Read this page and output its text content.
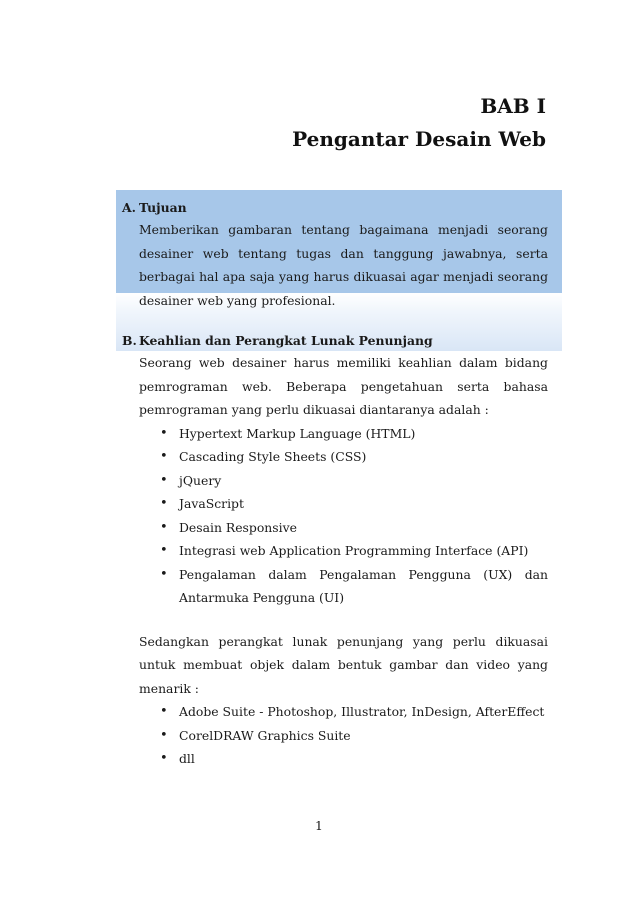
BAB I
Pengantar Desain Web
A. Tujuan
Memberikan gambaran tentang bagaimana menjadi seorang desainer web tentang tugas dan tanggung jawabnya, serta berbagai hal apa saja yang harus dikuasai agar menjadi seorang desainer web yang profesional.
B. Keahlian dan Perangkat Lunak Penunjang
Seorang web desainer harus memiliki keahlian dalam bidang pemrograman web. Beberapa pengetahuan serta bahasa pemrograman yang perlu dikuasai diantaranya adalah :
• Hypertext Markup Language (HTML)
• Cascading Style Sheets (CSS)
• jQuery
• JavaScript
• Desain Responsive
• Integrasi web Application Programming Interface (API)
• Pengalaman dalam Pengalaman Pengguna (UX) dan Antarmuka Pengguna (UI)
Sedangkan perangkat lunak penunjang yang perlu dikuasai untuk membuat objek dalam bentuk gambar dan video yang menarik :
• Adobe Suite - Photoshop, Illustrator, InDesign, AfterEffect
• CorelDRAW Graphics Suite
• dll
1
